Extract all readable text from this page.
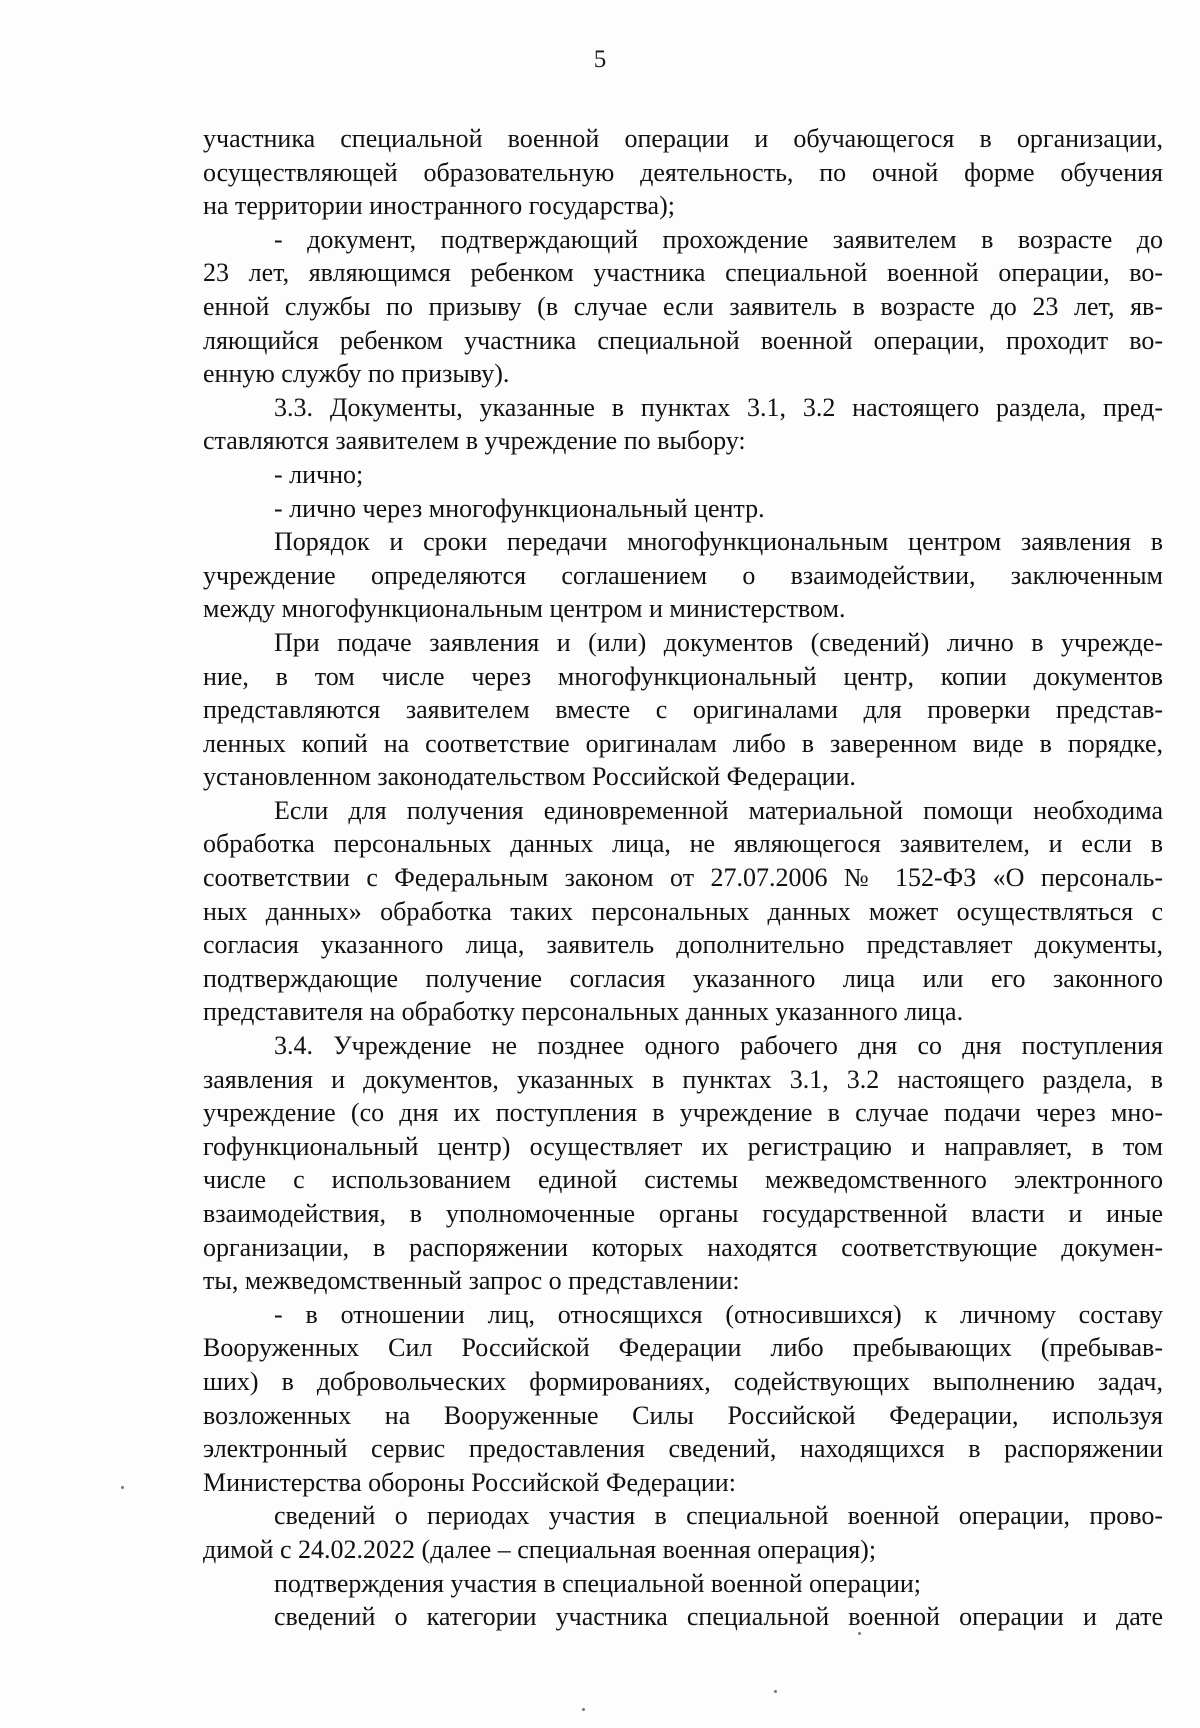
5
участника специальной военной операции и обучающегося в организации,
осуществляющей образовательную деятельность, по очной форме обучения
на территории иностранного государства);
- документ, подтверждающий прохождение заявителем в возрасте до
23 лет, являющимся ребенком участника специальной военной операции, во-
енной службы по призыву (в случае если заявитель в возрасте до 23 лет, яв-
ляющийся ребенком участника специальной военной операции, проходит во-
енную службу по призыву).
3.3. Документы, указанные в пунктах 3.1, 3.2 настоящего раздела, пред-
ставляются заявителем в учреждение по выбору:
- лично;
- лично через многофункциональный центр.
Порядок и сроки передачи многофункциональным центром заявления в
учреждение определяются соглашением о взаимодействии, заключенным
между многофункциональным центром и министерством.
При подаче заявления и (или) документов (сведений) лично в учрежде-
ние, в том числе через многофункциональный центр, копии документов
представляются заявителем вместе с оригиналами для проверки представ-
ленных копий на соответствие оригиналам либо в заверенном виде в порядке,
установленном законодательством Российской Федерации.
Если для получения единовременной материальной помощи необходима
обработка персональных данных лица, не являющегося заявителем, и если в
соответствии с Федеральным законом от 27.07.2006 № 152-ФЗ «О персональ-
ных данных» обработка таких персональных данных может осуществляться с
согласия указанного лица, заявитель дополнительно представляет документы,
подтверждающие получение согласия указанного лица или его законного
представителя на обработку персональных данных указанного лица.
3.4. Учреждение не позднее одного рабочего дня со дня поступления
заявления и документов, указанных в пунктах 3.1, 3.2 настоящего раздела, в
учреждение (со дня их поступления в учреждение в случае подачи через мно-
гофункциональный центр) осуществляет их регистрацию и направляет, в том
числе с использованием единой системы межведомственного электронного
взаимодействия, в уполномоченные органы государственной власти и иные
организации, в распоряжении которых находятся соответствующие докумен-
ты, межведомственный запрос о представлении:
- в отношении лиц, относящихся (относившихся) к личному составу
Вооруженных Сил Российской Федерации либо пребывающих (пребывав-
ших) в добровольческих формированиях, содействующих выполнению задач,
возложенных на Вооруженные Силы Российской Федерации, используя
электронный сервис предоставления сведений, находящихся в распоряжении
Министерства обороны Российской Федерации:
сведений о периодах участия в специальной военной операции, прово-
димой с 24.02.2022 (далее – специальная военная операция);
подтверждения участия в специальной военной операции;
сведений о категории участника специальной военной операции и дате
